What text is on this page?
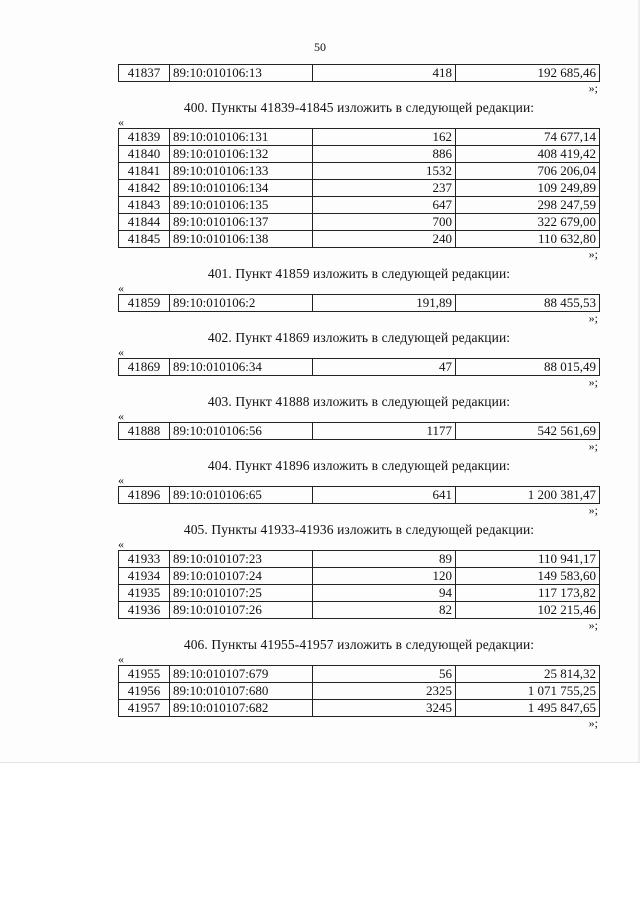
50
41837	89:10:010106:13	418	192 685,46
»;
400. Пункты 41839-41845 изложить в следующей редакции:
«
41839	89:10:010106:131	162	74 677,14
41840	89:10:010106:132	886	408 419,42
41841	89:10:010106:133	1532	706 206,04
41842	89:10:010106:134	237	109 249,89
41843	89:10:010106:135	647	298 247,59
41844	89:10:010106:137	700	322 679,00
41845	89:10:010106:138	240	110 632,80
»;
401. Пункт 41859 изложить в следующей редакции:
«
41859	89:10:010106:2	191,89	88 455,53
»;
402. Пункт 41869 изложить в следующей редакции:
«
41869	89:10:010106:34	47	88 015,49
»;
403. Пункт 41888 изложить в следующей редакции:
«
41888	89:10:010106:56	1177	542 561,69
»;
404. Пункт 41896 изложить в следующей редакции:
«
41896	89:10:010106:65	641	1 200 381,47
»;
405. Пункты 41933-41936 изложить в следующей редакции:
«
41933	89:10:010107:23	89	110 941,17
41934	89:10:010107:24	120	149 583,60
41935	89:10:010107:25	94	117 173,82
41936	89:10:010107:26	82	102 215,46
»;
406. Пункты 41955-41957 изложить в следующей редакции:
«
41955	89:10:010107:679	56	25 814,32
41956	89:10:010107:680	2325	1 071 755,25
41957	89:10:010107:682	3245	1 495 847,65
»;
